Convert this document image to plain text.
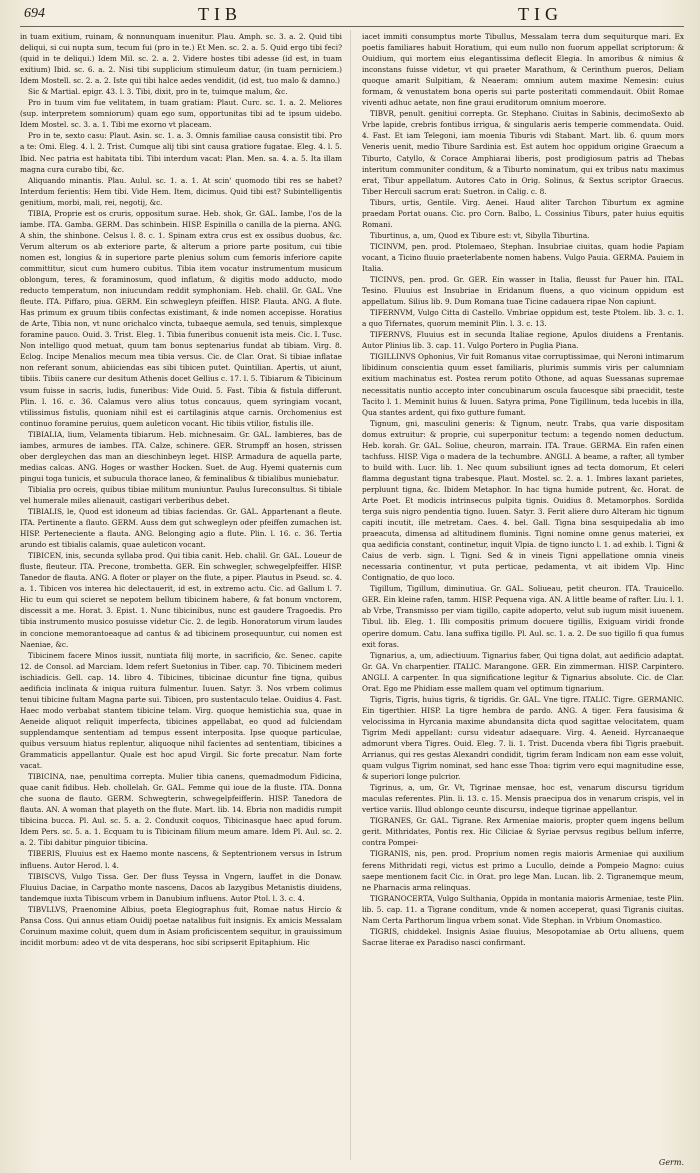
694	TIB	TIG

in tuam exitium, ruinam, & nonnunquam inuenitur. Plau. Amph. sc. 3. a. 2. Quid tibi deliqui, si cui nupta sum, tecum fui (pro in te.) Et Men. sc. 2. a. 5. Quid ergo tibi feci? (quid in te deliqui.) Idem Mil. sc. 2. a. 2. Videre hostes tibi adesse (id est, in tuam exitium) Ibid. sc. 6. a. 2. Nisi tibi supplicium stimuleum datur, (in tuam perniciem.) Idem Mostell. sc. 2. a. 2. Iste qui tibi halce aedes vendidit, (id est, tuo malo & damno.)

Sic & Martial. epigr. 43. l. 3. Tibi, dixit, pro in te, tuimque malum, &c.

Pro in tuum vim fue velitatem, in tuam gratiam: Plaut. Curc. sc. 1. a. 2. Meliores (sup. interpretem somniorum) quam ego sum, opportunitas tibi ad te ipsum uidebo. Idem Mostel. sc. 3. a. 1. Tibi me exorno vt placeam.

Pro in te, sexto casu: Plaut. Asin. sc. 1. a. 3. Omnis familiae causa consistit tibi. Pro a te: Omi. Eleg. 4. l. 2. Trist. Cumque alij tibi sint causa gratiore fugatae. Eleg. 4. l. 5. Ibid. Nec patria est habitata tibi. Tibi interdum vacat: Plan. Men. sa. 4. a. 5. Ita illam magna cura curabo tibi, &c.

Aliquando minantis. Plau. Aulul. sc. 1. a. 1. At scin' quomodo tibi res se habet? Interdum ferientis: Hem tibi. Vide Hem. Item, dicimus. Quid tibi est? Subintelligentis genitium, morbi, mali, rei, negotij, &c.

TIBIA, Proprie est os cruris, oppositum surae. Heb. shok, Gr. GAL. Iambe, l'os de la iambe. ITA. Gamba. GERM. Das schinbein. HISP. Espinilla o canilla de la pierna. ANG. A shin, the shinbone. Celsus l. 8. c. 1. Spinam extra crus est ex ossibus duobus, &c. Verum alterum os ab exteriore parte, & alterum a priore parte positum, cui tibie nomen est, longius & in superiore parte plenius solum cum femoris inferiore capite committitur, sicut cum humero cubitus. Tibia item vocatur instrumentum musicum oblongum, teres, & foraminosum, quod inflatum, & digitis modo adducto, modo reducto temperatum, non iniucundam reddit symphoniam. Heb. chalil. Gr. GAL. Vne fleute. ITA. Piffaro, piua. GERM. Ein schwegleyn pfeiffen. HISP. Flauta. ANG. A flute. Has primum ex gruum tibiis confectas existimant, & inde nomen accepisse. Horatius de Arte, Tibia non, vt nunc orichalco vincta, tubaeque aemula, sed tenuis, simplexque foramine pauco. Ouid. 3. Trist. Eleg. 1. Tibia funeribus conuenit ista meis. Cic. I. Tusc. Non intelligo quod metuat, quum tam bonus septenarius fundat ab tibiam. Virg. 8. Eclog. Incipe Menalios mecum mea tibia versus. Cic. de Clar. Orat. Si tibiae inflatae non referant sonum, abiiciendas eas sibi tibicen putet. Quintilian. Apertis, ut aiunt, tibiis. Tibiis canere cur desitum Athenis docet Gellius c. 17. l. 5. Tibiarum & Tibicinum vsum fuisse in sacris, ludis, funeribus: Vide Ouid. 5. Fast. Tibia & fistula differunt. Plin. l. 16. c. 36. Calamus vero alius totus concauus, quem syringiam vocant, vtilissimus fistulis, quoniam nihil est ei cartilaginis atque carnis. Orchomenius est continuo foramine peruius, quem auleticon vocant. Hic tibiis vtilior, fistulis ille.

TIBIALIA, lium, Velamenta tibiarum. Heb. michnesaim. Gr. GAL. Iambieres, bas de iambes, armures de iambes. ITA. Calze, schinere. GER. Strumpff an hosen, strissen ober dergleychen das man an dieschinbeyn leget. HISP. Armadura de aquella parte, medias calcas. ANG. Hoges or wasther Hocken. Suet. de Aug. Hyemi quaternis cum pingui toga tunicis, et subucula thorace laneo, & feminalibus & tibialibus muniebatur.

Tibialia pro ocreis, quibus tibiae militum muniuntur. Paulus Iureconsultus. Si tibiale vel humerale miles alienauit, castigari verberibus debet.

TIBIALIS, le, Quod est idoneum ad tibias faciendas. Gr. GAL. Appartenant a fleute. ITA. Pertinente a flauto. GERM. Auss dem gut schwegleyn oder pfeiffen zumachen ist. HISP. Perteneciente a flauta. ANG. Belonging agio a flute. Plin. l. 16. c. 36. Tertia arundo est tibialis calamis, quae auleticon vocant.

TIBICEN, inis, secunda syllaba prod. Qui tibia canit. Heb. chalil. Gr. GAL. Loueur de fluste, fleuteur. ITA. Precone, trombetta. GER. Ein schwegler, schwegelpfeiffer. HISP. Tanedor de flauta. ANG. A floter or player on the flute, a piper. Plautus in Pseud. sc. 4. a. 1. Tibicen vos interea hic delectauerit, id est, in extremo actu. Cic. ad Gallum l. 7. Hic tu eum qui scieret se nepotem bellum tibicinem habere, & fat bonum vnctorem, discessit a me. Horat. 3. Epist. 1. Nunc tibicinibus, nunc est gaudere Tragoedis. Pro tibia instrumento musico posuisse videtur Cic. 2. de legib. Honoratorum virum laudes in concione memorantoeaque ad cantus & ad tibicinem prosequuntur, cui nomen est Naeniae, &c.

Tibicinem facere Minos iussit, nuntiata filij morte, in sacrificio, &c. Senec. capite 12. de Consol. ad Marciam. Idem refert Suetonius in Tiber. cap. 70. Tibicinem mederi ischiadicis. Gell. cap. 14. libro 4. Tibicines, tibicinae dicuntur fine tigna, quibus aedificia inclinata & iniqua ruitura fulmentur. Iuuen. Satyr. 3. Nos vrbem colimus tenui tibicine fultam Magna parte sui. Tibicen, pro sustentaculo telae. Ouidius 4. Fast. Haec modo verbabat stantem tibicine telam. Virg. quoque hemistichia sua, quae in Aeneide aliquot reliquit imperfecta, tibicines appellabat, eo quod ad fulciendam supplendamque sententiam ad tempus essent interposita. Ipse quoque particulae, quibus versuum hiatus replentur, aliquoque nihil facientes ad sententiam, tibicines a Grammaticis appellantur. Quale est hoc apud Virgil. Sic forte precatur. Nam forte vacat.

TIBICINA, nae, penultima correpta. Mulier tibia canens, quemadmodum Fidicina, quae canit fidibus. Heb. chollelah. Gr. GAL. Femme qui ioue de la fluste. ITA. Donna che suona de flauto. GERM. Schwegterin, schwegelpfeifferin. HISP. Tanedora de flauta. AN. A woman that playeth on the flute. Mart. lib. 14. Ebria non madidis rumpit tibicina bucca. Pl. Aul. sc. 5. a. 2. Conduxit coquos, Tibicinasque haec apud forum. Idem Pers. sc. 5. a. 1. Ecquam tu is Tibicinam filium meum amare. Idem Pl. Aul. sc. 2. a. 2. Tibi dabitur pinguior tibicina.

TIBERIS, Fluuius est ex Haemo monte nascens, & Septentrionem versus in Istrum influens. Autor Herod. l. 4.

TIBISCVS, Vulgo Tissa. Ger. Der fluss Teyssa in Vngern, lauffet in die Donaw. Fluuius Daciae, in Carpatho monte nascens, Dacos ab Iazygibus Metanistis diuidens, tandemque iuxta Tibiscum vrbem in Danubium influens. Autor Ptol. l. 3. c. 4.

TIBVLLVS, Praenomine Albius, poeta Elegiographus fuit, Romae natus Hircio & Pansa Coss. Qui annus etiam Ouidij poetae natalibus fuit insignis. Ex amicis Messalam Coruinum maxime coluit, quem dum in Asiam proficiscentem sequitur, in grauissimum incidit morbum: adeo vt de vita desperans, hoc sibi scripserit Epitaphium. Hic

iacet immiti consumptus morte Tibullus, Messalam terra dum sequiturque mari. Ex poetis familiares habuit Horatium, qui eum nullo non fuorum appellat scriptorum: & Ouidium, qui mortem eius elegantissima deflecit Elegia. In amoribus & nimius & inconstans fuisse videtur, vt qui praeter Marathum, & Cerinthum pueros, Deliam quoque amarit Sulpitiam, & Neaeram: omnium autem maxime Nemesin: cuius formam, & venustatem bona operis sui parte posteritati commendauit. Obiit Romae viventi adhuc aetate, non fine graui eruditorum omnium moerore.

TIBVR, penult. genitiui correpta. Gr. Stephano. Ciuitas in Sabinis, decimoSexto ab Vrbe lapide, crebris fontibus irrigua, & singularis aeris temperie commendata. Ouid. 4. Fast. Et iam Telegoni, iam moenia Tiburis vdi Stabant. Mart. lib. 6. quum mors Veneris uenit, medio Tibure Sardinia est. Est autem hoc oppidum origine Graecum a Tiburto, Catyllo, & Corace Amphiarai liberis, post prodigiosum patris ad Thebas interitum communiter conditum, & a Tiburto nominatum, qui ex tribus natu maximus erat, Tibur appellatum. Autores Cato in Orig. Solinus, & Sextus scriptor Graecus. Tiber Herculi sacrum erat: Suetron. in Calig. c. 8.

Tiburs, urtis, Gentile. Virg. Aenei. Haud aliter Tarchon Tiburtum ex agmine praedam Portat ouans. Cic. pro Corn. Balbo, L. Cossinius Tiburs, pater huius equitis Romani.

Tiburtinus, a, um, Quod ex Tibure est: vt, Sibylla Tiburtina.

TICINVM, pen. prod. Ptolemaeo, Stephan. Insubriae ciuitas, quam hodie Papiam vocant, a Ticino fluuio praeterlabente nomen habens. Vulgo Pauia. GERMA. Pauiem in Italia.

TICINVS, pen. prod. Gr. GER. Ein wasser in Italia, fleusst fur Pauer hin. ITAL. Tesino. Fluuius est Insubriae in Eridanum fluens, a quo vicinum oppidum est appellatum. Silius lib. 9. Dum Romana tuae Ticine cadauera ripae Non capiunt.

TIFERNVM, Vulgo Citta di Castello. Vmbriae oppidum est, teste Ptolem. lib. 3. c. 1. a quo Tifernates, quorum meminit Plin. l. 3. c. 13.

TIFERNVS, Fluuius est in secunda Italiae regione, Apulos diuidens a Frentanis. Autor Plinius lib. 3. cap. 11. Vulgo Portero in Puglia Piana.

TIGILLINVS Ophonius, Vir fuit Romanus vitae corruptissimae, qui Neroni intimarum libidinum conscientia quum esset familiaris, plurimis summis viris per calumniam exitium machinatus est. Postea rerum potito Othone, ad aquas Suessanas supremae necessitatis nuntio accepto inter concubinarum oscula faucesque sibi praecidit, teste Tacito l. 1. Meminit huius & Iuuen. Satyra prima, Pone Tigillinum, teda lucebis in illa, Qua stantes ardent, qui fixo gutture fumant.

Tignum, gni, masculini generis: & Tignum, neutr. Trabs, qua varie dispositam domus extruitur: & proprie, cui superponitur tectum: a tegendo nomen deductum. Heb. korah. Gr. GAL. Soliue, cheuron, marrain. ITA. Traue. GERMA. Ein rafen einen tachfuss. HISP. Viga o madera de la techumbre. ANGLI. A beame, a rafter, all tymber to build with. Lucr. lib. 1. Nec quum subsiliunt ignes ad tecta domorum, Et celeri flamma degustant tigna trabesque. Plaut. Mostel. sc. 2. a. 1. Imbres laxant parietes, perpluunt tigna, &c. Ibidem Metaphor. In hac tigna humide putrent, &c. Horat. de Arte Poet. Et modicis intrinsecus pulpita tignis. Ouidius 8. Metamorphos. Sordida terga suis nigro pendentia tigno. Iuuen. Satyr. 3. Ferit aliere duro Alteram hic tignum capiti incutit, ille metretam. Caes. 4. bel. Gall. Tigna bina sesquipedalia ab imo praeacuta, dimensa ad altitudinem fluminis. Tigni nomine omne genus materiei, ex qua aedificia constant, continetur, inquit Vlpia. de tigno iuncto l. 1. ad exhib. l. Tigni & Caius de verb. sign. l. Tigni. Sed & in vineis Tigni appellatione omnia vineis necessaria continentur, vt puta perticae, pedamenta, vt ait ibidem Vlp. Hinc Contignatio, de quo loco.

Tigillum, Tigillum, diminutiua. Gr. GAL. Soliueau, petit cheuron. ITA. Trauicello. GER. Ein kleine rafen, tamm. HISP. Pequena viga. AN. A little beame of rafter. Liu. l. 1. ab Vrbe, Transmisso per viam tigillo, capite adoperto, velut sub iugum misit iuuenem. Tibul. lib. Eleg. 1. Illi compositis primum docuere tigillis, Exiguam viridi fronde operire domum. Catu. Iana suffixa tigillo. Pl. Aul. sc. 1. a. 2. De suo tigillo fi qua fumus exit foras.

Tignarius, a, um, adiectiuum. Tignarius faber, Qui tigna dolat, aut aedificio adaptat. Gr. GA. Vn charpentier. ITALIC. Marangone. GER. Ein zimmerman. HISP. Carpintero. ANGLI. A carpenter. In qua significatione legitur & Tignarius absolute. Cic. de Clar. Orat. Ego me Phidiam esse mallem quam vel optimum tignarium.

Tigris, Tigris, huius tigris, & tigridis. Gr. GAL. Vne tigre. ITALIC. Tigre. GERMANIC. Ein tigerthier. HISP. La tigre hembra de pardo. ANG. A tiger. Fera fausisima & velocissima in Hyrcania maxime abundansita dicta quod sagittae velocitatem, quam Tigrim Medi appellant: cursu videatur adaequare. Virg. 4. Aeneid. Hyrcanaeque admorunt vbera Tigres. Ouid. Eleg. 7. li. 1. Trist. Ducenda vbera fibi Tigris praebuit. Arrianus, qui res gestas Alexandri condidit, tigrim feram Indicam non eam esse voluit, quam vulgus Tigrim nominat, sed hanc esse Thoa: tigrim vero equi magnitudine esse, & superiori longe pulcrior.

Tigrinus, a, um, Gr. Vt, Tigrinae mensae, hoc est, venarum discursu tigridum maculas referentes. Plin. li. 13. c. 15. Mensis praecipua dos in venarum crispis, vel in vertice variis. Illud oblongo ceunte discursu, indeque tigrinae appellantur.

TIGRANES, Gr. GAL. Tigrane. Rex Armeniae maioris, propter quem ingens bellum gerit. Mithridates, Pontis rex. Hic Ciliciae & Syriae pervsus regibus bellum inferre, contra Pompei-

TIGRANIS, nis, pen. prod. Proprium nomen regis maioris Armeniae qui auxilium ferens Mithridati regi, victus est primo a Lucullo, deinde a Pompeio Magno: cuius saepe mentionem facit Cic. in Orat. pro lege Man. Lucan. lib. 2. Tigranemque meum, ne Pharnacis arma relinquas.

TIGRANOCERTA, Vulgo Sulthania, Oppida in montania maioris Armeniae, teste Plin. lib. 5. cap. 11. a Tigrane conditum, vnde & nomen acceperat, quasi Tigranis ciuitas. Nam Certa Parthorum lingua vrbem sonat. Vide Stephan. in Vrbium Onomastico.

TIGRIS, chiddekel. Insignis Asiae fluuius, Mesopotamiae ab Ortu alluens, quem Sacrae literae ex Paradiso nasci confirmant.

Germ.
